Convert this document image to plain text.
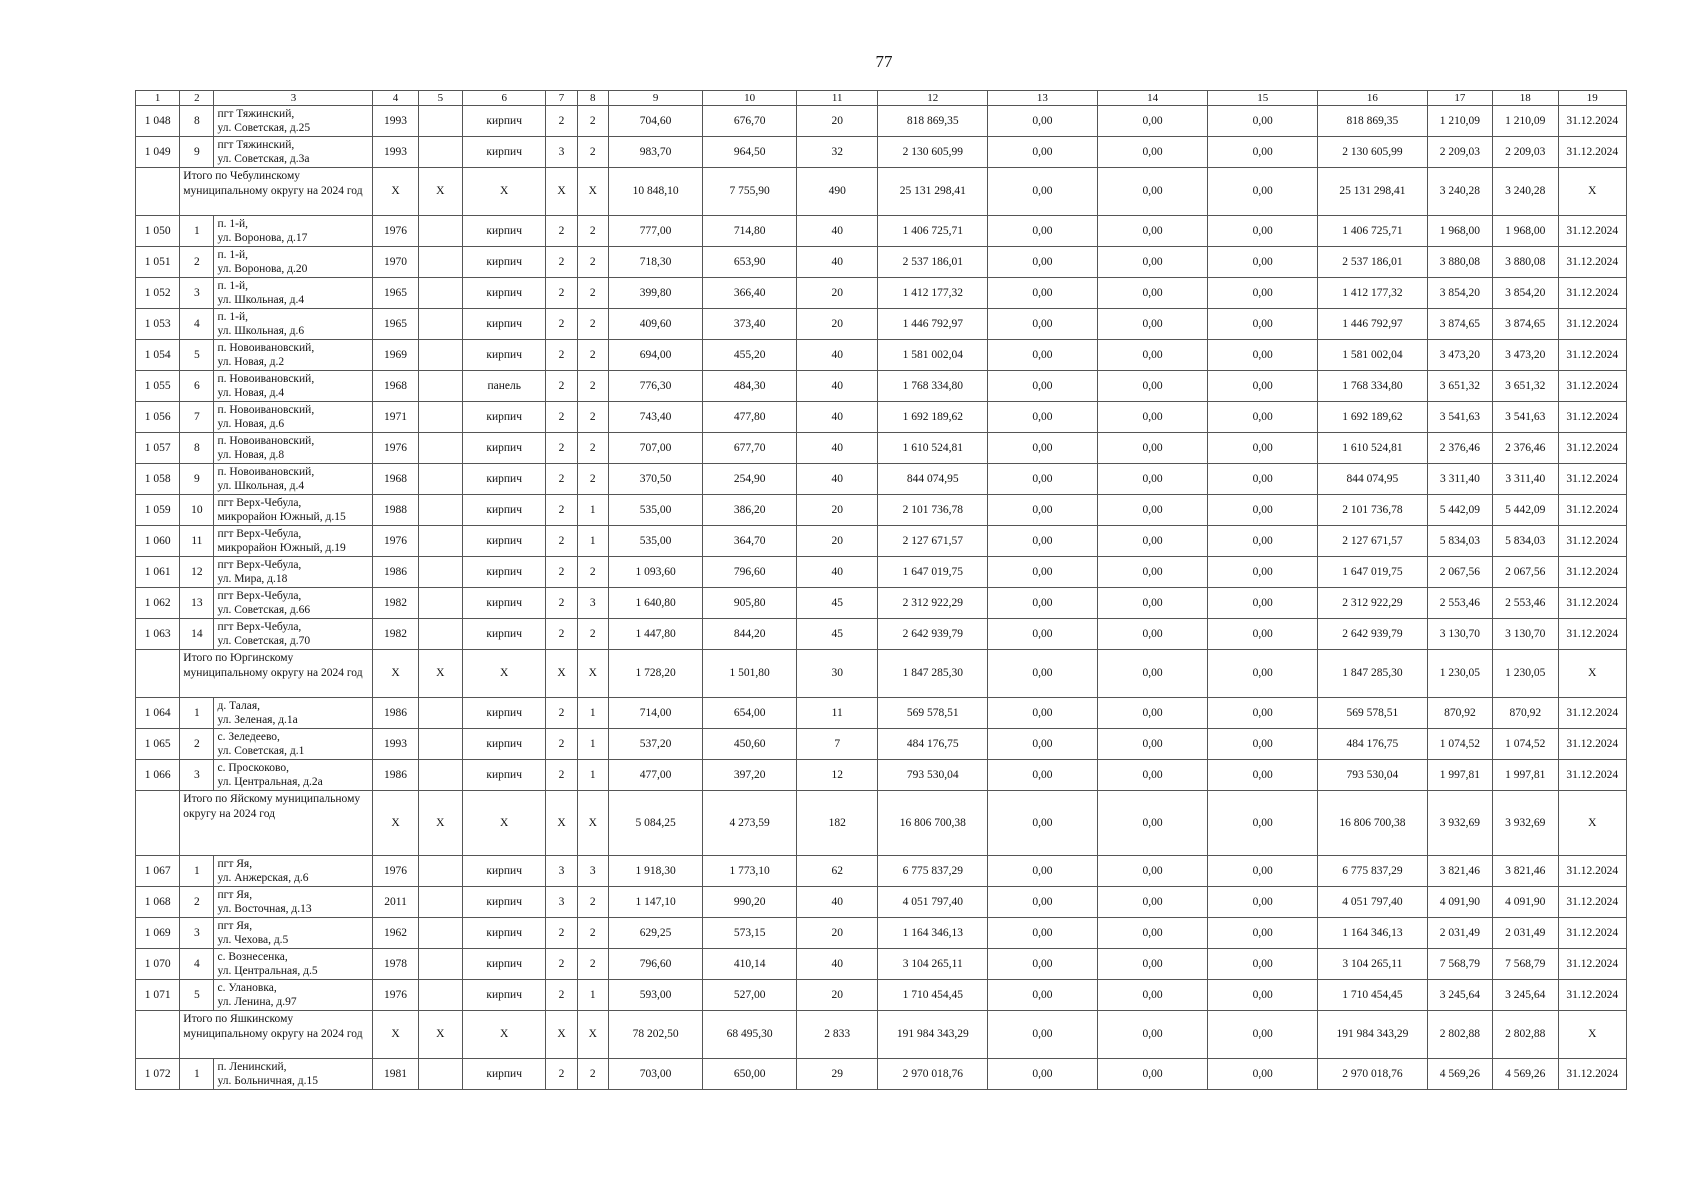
77
1	2	3	4	5	6	7	8	9	10	11	12	13	14	15	16	17	18	19
1 048	8	пгт Тяжинский,
ул. Советская, д.25	1993		кирпич	2	2	704,60	676,70	20	818 869,35	0,00	0,00	0,00	818 869,35	1 210,09	1 210,09	31.12.2024
1 049	9	пгт Тяжинский,
ул. Советская, д.3а	1993		кирпич	3	2	983,70	964,50	32	2 130 605,99	0,00	0,00	0,00	2 130 605,99	2 209,03	2 209,03	31.12.2024
	Итого по Чебулинскому муниципальному округу на 2024 год		X	X	X	X	X	10 848,10	7 755,90	490	25 131 298,41	0,00	0,00	0,00	25 131 298,41	3 240,28	3 240,28	X
1 050	1	п. 1-й,
ул. Воронова, д.17	1976		кирпич	2	2	777,00	714,80	40	1 406 725,71	0,00	0,00	0,00	1 406 725,71	1 968,00	1 968,00	31.12.2024
1 051	2	п. 1-й,
ул. Воронова, д.20	1970		кирпич	2	2	718,30	653,90	40	2 537 186,01	0,00	0,00	0,00	2 537 186,01	3 880,08	3 880,08	31.12.2024
1 052	3	п. 1-й,
ул. Школьная, д.4	1965		кирпич	2	2	399,80	366,40	20	1 412 177,32	0,00	0,00	0,00	1 412 177,32	3 854,20	3 854,20	31.12.2024
1 053	4	п. 1-й,
ул. Школьная, д.6	1965		кирпич	2	2	409,60	373,40	20	1 446 792,97	0,00	0,00	0,00	1 446 792,97	3 874,65	3 874,65	31.12.2024
1 054	5	п. Новоивановский,
ул. Новая, д.2	1969		кирпич	2	2	694,00	455,20	40	1 581 002,04	0,00	0,00	0,00	1 581 002,04	3 473,20	3 473,20	31.12.2024
1 055	6	п. Новоивановский,
ул. Новая, д.4	1968		панель	2	2	776,30	484,30	40	1 768 334,80	0,00	0,00	0,00	1 768 334,80	3 651,32	3 651,32	31.12.2024
1 056	7	п. Новоивановский,
ул. Новая, д.6	1971		кирпич	2	2	743,40	477,80	40	1 692 189,62	0,00	0,00	0,00	1 692 189,62	3 541,63	3 541,63	31.12.2024
1 057	8	п. Новоивановский,
ул. Новая, д.8	1976		кирпич	2	2	707,00	677,70	40	1 610 524,81	0,00	0,00	0,00	1 610 524,81	2 376,46	2 376,46	31.12.2024
1 058	9	п. Новоивановский,
ул. Школьная, д.4	1968		кирпич	2	2	370,50	254,90	40	844 074,95	0,00	0,00	0,00	844 074,95	3 311,40	3 311,40	31.12.2024
1 059	10	пгт Верх-Чебула,
микрорайон Южный, д.15	1988		кирпич	2	1	535,00	386,20	20	2 101 736,78	0,00	0,00	0,00	2 101 736,78	5 442,09	5 442,09	31.12.2024
1 060	11	пгт Верх-Чебула,
микрорайон Южный, д.19	1976		кирпич	2	1	535,00	364,70	20	2 127 671,57	0,00	0,00	0,00	2 127 671,57	5 834,03	5 834,03	31.12.2024
1 061	12	пгт Верх-Чебула,
ул. Мира, д.18	1986		кирпич	2	2	1 093,60	796,60	40	1 647 019,75	0,00	0,00	0,00	1 647 019,75	2 067,56	2 067,56	31.12.2024
1 062	13	пгт Верх-Чебула,
ул. Советская, д.66	1982		кирпич	2	3	1 640,80	905,80	45	2 312 922,29	0,00	0,00	0,00	2 312 922,29	2 553,46	2 553,46	31.12.2024
1 063	14	пгт Верх-Чебула,
ул. Советская, д.70	1982		кирпич	2	2	1 447,80	844,20	45	2 642 939,79	0,00	0,00	0,00	2 642 939,79	3 130,70	3 130,70	31.12.2024
	Итого по Юргинскому муниципальному округу на 2024 год		X	X	X	X	X	1 728,20	1 501,80	30	1 847 285,30	0,00	0,00	0,00	1 847 285,30	1 230,05	1 230,05	X
1 064	1	д. Талая,
ул. Зеленая, д.1а	1986		кирпич	2	1	714,00	654,00	11	569 578,51	0,00	0,00	0,00	569 578,51	870,92	870,92	31.12.2024
1 065	2	с. Зеледеево,
ул. Советская, д.1	1993		кирпич	2	1	537,20	450,60	7	484 176,75	0,00	0,00	0,00	484 176,75	1 074,52	1 074,52	31.12.2024
1 066	3	с. Проскоково,
ул. Центральная, д.2а	1986		кирпич	2	1	477,00	397,20	12	793 530,04	0,00	0,00	0,00	793 530,04	1 997,81	1 997,81	31.12.2024
	Итого по Яйскому муниципальному округу на 2024 год		X	X	X	X	X	5 084,25	4 273,59	182	16 806 700,38	0,00	0,00	0,00	16 806 700,38	3 932,69	3 932,69	X
1 067	1	пгт Яя,
ул. Анжерская, д.6	1976		кирпич	3	3	1 918,30	1 773,10	62	6 775 837,29	0,00	0,00	0,00	6 775 837,29	3 821,46	3 821,46	31.12.2024
1 068	2	пгт Яя,
ул. Восточная, д.13	2011		кирпич	3	2	1 147,10	990,20	40	4 051 797,40	0,00	0,00	0,00	4 051 797,40	4 091,90	4 091,90	31.12.2024
1 069	3	пгт Яя,
ул. Чехова, д.5	1962		кирпич	2	2	629,25	573,15	20	1 164 346,13	0,00	0,00	0,00	1 164 346,13	2 031,49	2 031,49	31.12.2024
1 070	4	с. Вознесенка,
ул. Центральная, д.5	1978		кирпич	2	2	796,60	410,14	40	3 104 265,11	0,00	0,00	0,00	3 104 265,11	7 568,79	7 568,79	31.12.2024
1 071	5	с. Улановка,
ул. Ленина, д.97	1976		кирпич	2	1	593,00	527,00	20	1 710 454,45	0,00	0,00	0,00	1 710 454,45	3 245,64	3 245,64	31.12.2024
	Итого по Яшкинскому муниципальному округу на 2024 год		X	X	X	X	X	78 202,50	68 495,30	2 833	191 984 343,29	0,00	0,00	0,00	191 984 343,29	2 802,88	2 802,88	X
1 072	1	п. Ленинский,
ул. Больничная, д.15	1981		кирпич	2	2	703,00	650,00	29	2 970 018,76	0,00	0,00	0,00	2 970 018,76	4 569,26	4 569,26	31.12.2024
